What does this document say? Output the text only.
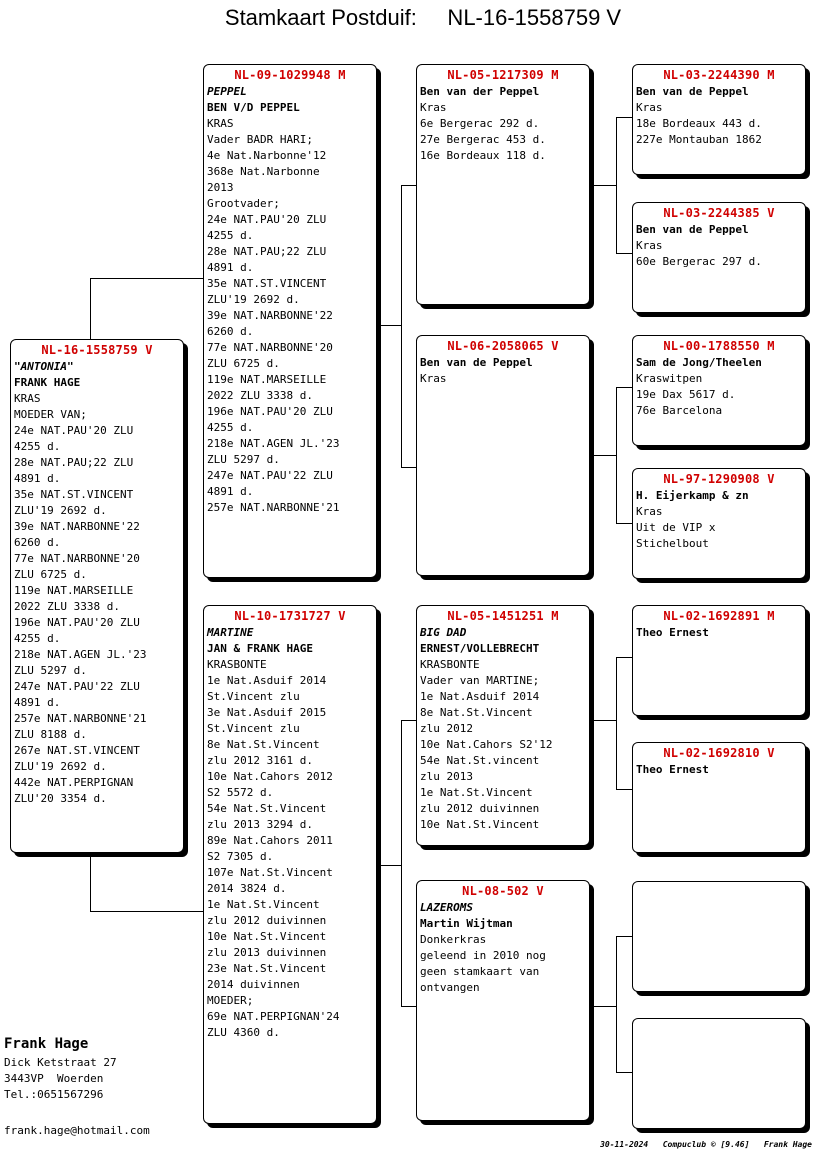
Stamkaart Postduif:     NL-16-1558759 V
NL-16-1558759 V
"ANTONIA"
FRANK HAGE
KRAS
MOEDER VAN;
24e NAT.PAU'20 ZLU
4255 d.
28e NAT.PAU;22 ZLU
4891 d.
35e NAT.ST.VINCENT
ZLU'19 2692 d.
39e NAT.NARBONNE'22
6260 d.
77e NAT.NARBONNE'20
ZLU 6725 d.
119e NAT.MARSEILLE
2022 ZLU 3338 d.
196e NAT.PAU'20 ZLU
4255 d.
218e NAT.AGEN JL.'23
ZLU 5297 d.
247e NAT.PAU'22 ZLU
4891 d.
257e NAT.NARBONNE'21
ZLU 8188 d.
267e NAT.ST.VINCENT
ZLU'19 2692 d.
442e NAT.PERPIGNAN
ZLU'20 3354 d.
NL-09-1029948 M
PEPPEL
BEN V/D PEPPEL
KRAS
Vader BADR HARI;
4e Nat.Narbonne'12
368e Nat.Narbonne
2013
Grootvader;
24e NAT.PAU'20 ZLU
4255 d.
28e NAT.PAU;22 ZLU
4891 d.
35e NAT.ST.VINCENT
ZLU'19 2692 d.
39e NAT.NARBONNE'22
6260 d.
77e NAT.NARBONNE'20
ZLU 6725 d.
119e NAT.MARSEILLE
2022 ZLU 3338 d.
196e NAT.PAU'20 ZLU
4255 d.
218e NAT.AGEN JL.'23
ZLU 5297 d.
247e NAT.PAU'22 ZLU
4891 d.
257e NAT.NARBONNE'21
NL-10-1731727 V
MARTINE
JAN & FRANK HAGE
KRASBONTE
1e Nat.Asduif 2014
St.Vincent zlu
3e Nat.Asduif 2015
St.Vincent zlu
8e Nat.St.Vincent
zlu 2012 3161 d.
10e Nat.Cahors 2012
S2 5572 d.
54e Nat.St.Vincent
zlu 2013 3294 d.
89e Nat.Cahors 2011
S2 7305 d.
107e Nat.St.Vincent
2014 3824 d.
1e Nat.St.Vincent
zlu 2012 duivinnen
10e Nat.St.Vincent
zlu 2013 duivinnen
23e Nat.St.Vincent
2014 duivinnen
MOEDER;
69e NAT.PERPIGNAN'24
ZLU 4360 d.
NL-05-1217309 M
Ben van der Peppel
Kras
6e Bergerac 292 d.
27e Bergerac 453 d.
16e Bordeaux 118 d.
NL-06-2058065 V
Ben van de Peppel
Kras
NL-05-1451251 M
BIG DAD
ERNEST/VOLLEBRECHT
KRASBONTE
Vader van MARTINE;
1e Nat.Asduif 2014
8e Nat.St.Vincent
zlu 2012
10e Nat.Cahors S2'12
54e Nat.St.vincent
zlu 2013
1e Nat.St.Vincent
zlu 2012 duivinnen
10e Nat.St.Vincent
NL-08-502 V
LAZEROMS
Martin Wijtman
Donkerkras
geleend in 2010 nog
geen stamkaart van
ontvangen
NL-03-2244390 M
Ben van de Peppel
Kras
18e Bordeaux 443 d.
227e Montauban 1862
NL-03-2244385 V
Ben van de Peppel
Kras
60e Bergerac 297 d.
NL-00-1788550 M
Sam de Jong/Theelen
Kraswitpen
19e Dax 5617 d.
76e Barcelona
NL-97-1290908 V
H. Eijerkamp & zn
Kras
Uit de VIP x
Stichelbout
NL-02-1692891 M
Theo Ernest
NL-02-1692810 V
Theo Ernest
Frank Hage
Dick Ketstraat 27
3443VP  Woerden
Tel.:0651567296
frank.hage@hotmail.com
30-11-2024   Compuclub © [9.46]   Frank Hage
